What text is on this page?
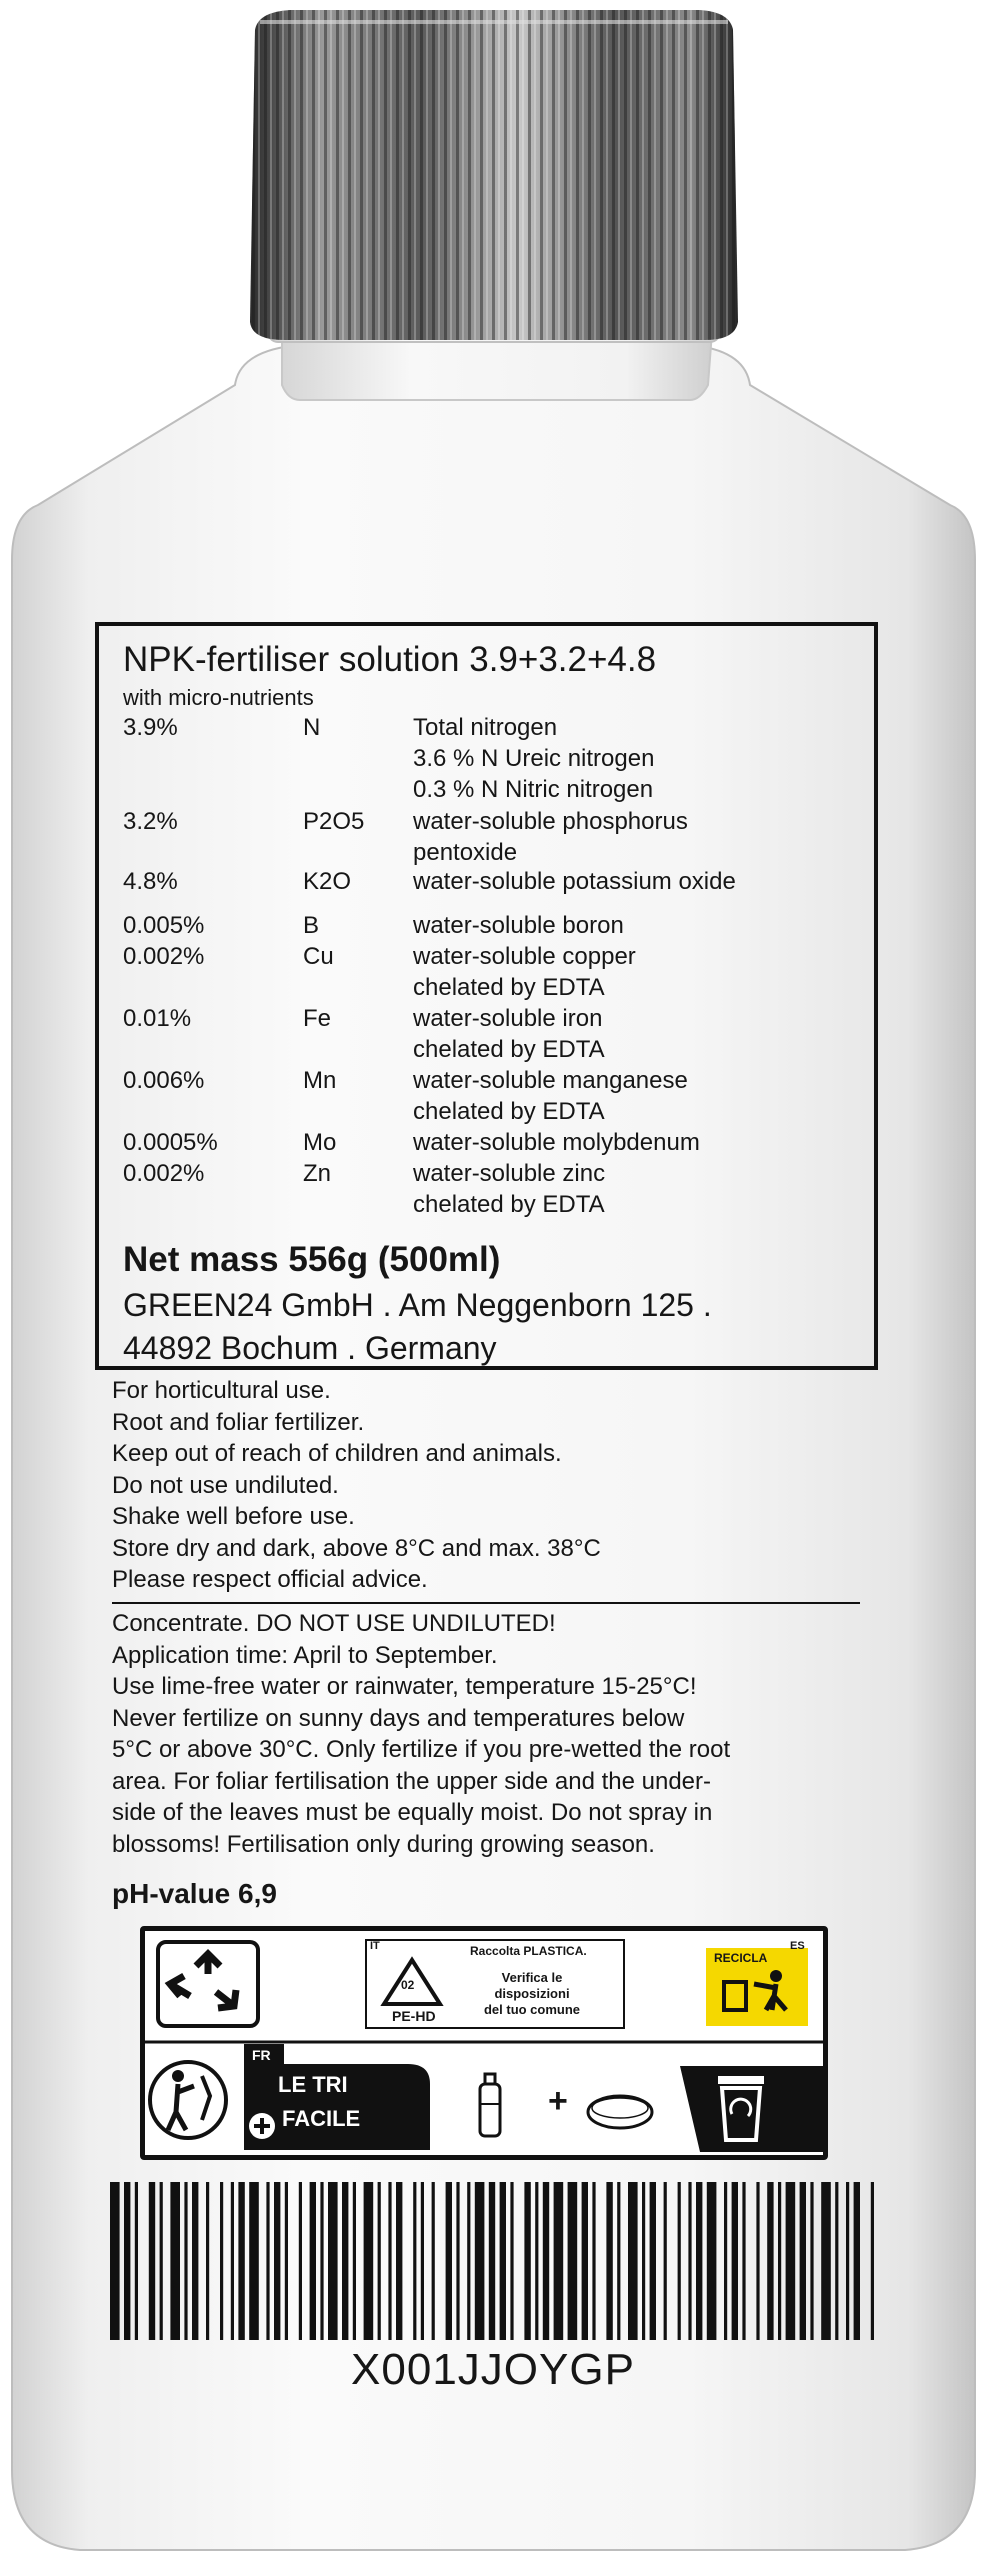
NPK-fertiliser solution 3.9+3.2+4.8
with micro-nutrients
3.9%	N	Total nitrogen
3.6 % N Ureic nitrogen
0.3 % N Nitric nitrogen
3.2%	P2O5	water-soluble phosphorus
pentoxide
4.8%	K2O	water-soluble potassium oxide
0.005%	B	water-soluble boron
0.002%	Cu	water-soluble copper
chelated by EDTA
0.01%	Fe	water-soluble iron
chelated by EDTA
0.006%	Mn	water-soluble manganese
chelated by EDTA
0.0005%	Mo	water-soluble molybdenum
0.002%	Zn	water-soluble zinc
chelated by EDTA
Net mass 556g (500ml)
GREEN24 GmbH . Am Neggenborn 125 .
44892 Bochum . Germany
For horticultural use.
Root and foliar fertilizer.
Keep out of reach of children and animals.
Do not use undiluted.
Shake well before use.
Store dry and dark, above 8°C and max. 38°C
Please respect official advice.
Concentrate. DO NOT USE UNDILUTED!
Application time: April to September.
Use lime-free water or rainwater, temperature 15-25°C!
Never fertilize on sunny days and temperatures below
5°C or above 30°C. Only fertilize if you pre-wetted the root
area. For foliar fertilisation the upper side and the under-
side of the leaves must be equally moist. Do not spray in
blossoms! Fertilisation only during growing season.
pH-value 6,9
IT	Raccolta PLASTICA.
02
PE-HD
Verifica le
disposizioni
del tuo comune
ES
RECICLA
FR
LE TRI
FACILE	+
X001JJOYGP
